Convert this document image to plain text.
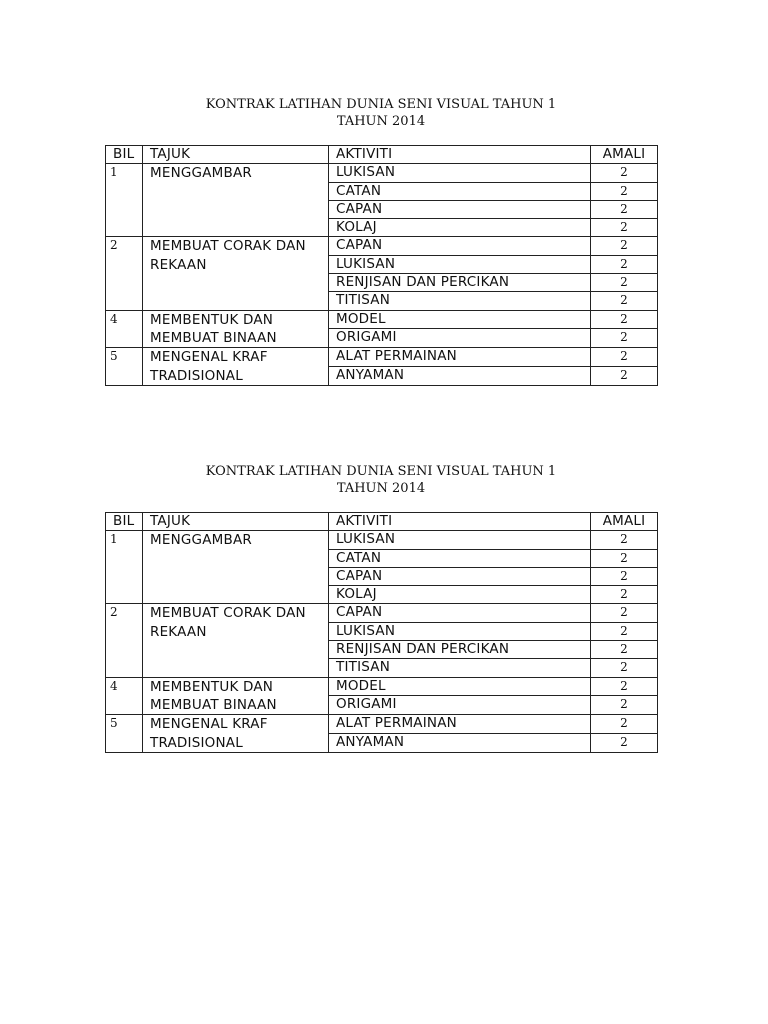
KONTRAK LATIHAN DUNIA SENI VISUAL TAHUN 1
TAHUN 2014
BIL	TAJUK	AKTIVITI	AMALI
1	MENGGAMBAR	LUKISAN	2
		CATAN	2
		CAPAN	2
		KOLAJ	2
2	MEMBUAT CORAK DAN REKAAN	CAPAN	2
		LUKISAN	2
		RENJISAN DAN PERCIKAN	2
		TITISAN	2
4	MEMBENTUK DAN MEMBUAT BINAAN	MODEL	2
		ORIGAMI	2
5	MENGENAL KRAF TRADISIONAL	ALAT PERMAINAN	2
		ANYAMAN	2
KONTRAK LATIHAN DUNIA SENI VISUAL TAHUN 1
TAHUN 2014
BIL	TAJUK	AKTIVITI	AMALI
1	MENGGAMBAR	LUKISAN	2
		CATAN	2
		CAPAN	2
		KOLAJ	2
2	MEMBUAT CORAK DAN REKAAN	CAPAN	2
		LUKISAN	2
		RENJISAN DAN PERCIKAN	2
		TITISAN	2
4	MEMBENTUK DAN MEMBUAT BINAAN	MODEL	2
		ORIGAMI	2
5	MENGENAL KRAF TRADISIONAL	ALAT PERMAINAN	2
		ANYAMAN	2
